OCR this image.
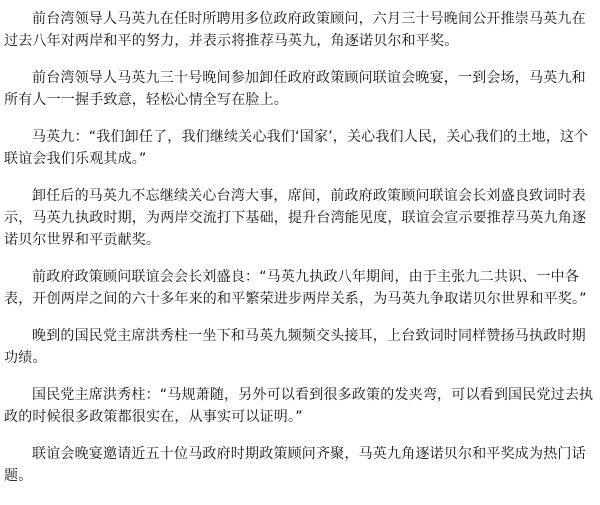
前台湾领导人马英九在任时所聘用多位政府政策顾问，六月三十号晚间公开推崇马英九在过去八年对两岸和平的努力，并表示将推荐马英九，角逐诺贝尔和平奖。

前台湾领导人马英九三十号晚间参加卸任政府政策顾问联谊会晚宴，一到会场，马英九和所有人一一握手致意，轻松心情全写在脸上。

马英九：“我们卸任了，我们继续关心我们‘国家’，关心我们人民，关心我们的土地，这个联谊会我们乐观其成。”

卸任后的马英九不忘继续关心台湾大事，席间，前政府政策顾问联谊会长刘盛良致词时表示，马英九执政时期，为两岸交流打下基础，提升台湾能见度，联谊会宣示要推荐马英九角逐诺贝尔世界和平贡献奖。

前政府政策顾问联谊会会长刘盛良：“马英九执政八年期间，由于主张九二共识、一中各表，开创两岸之间的六十多年来的和平繁荣进步两岸关系，为马英九争取诺贝尔世界和平奖。”

晚到的国民党主席洪秀柱一坐下和马英九频频交头接耳，上台致词时同样赞扬马执政时期功绩。

国民党主席洪秀柱：“马规萧随，另外可以看到很多政策的发夹弯，可以看到国民党过去执政的时候很多政策都很实在，从事实可以证明。”

联谊会晚宴邀请近五十位马政府时期政策顾问齐聚，马英九角逐诺贝尔和平奖成为热门话题。
